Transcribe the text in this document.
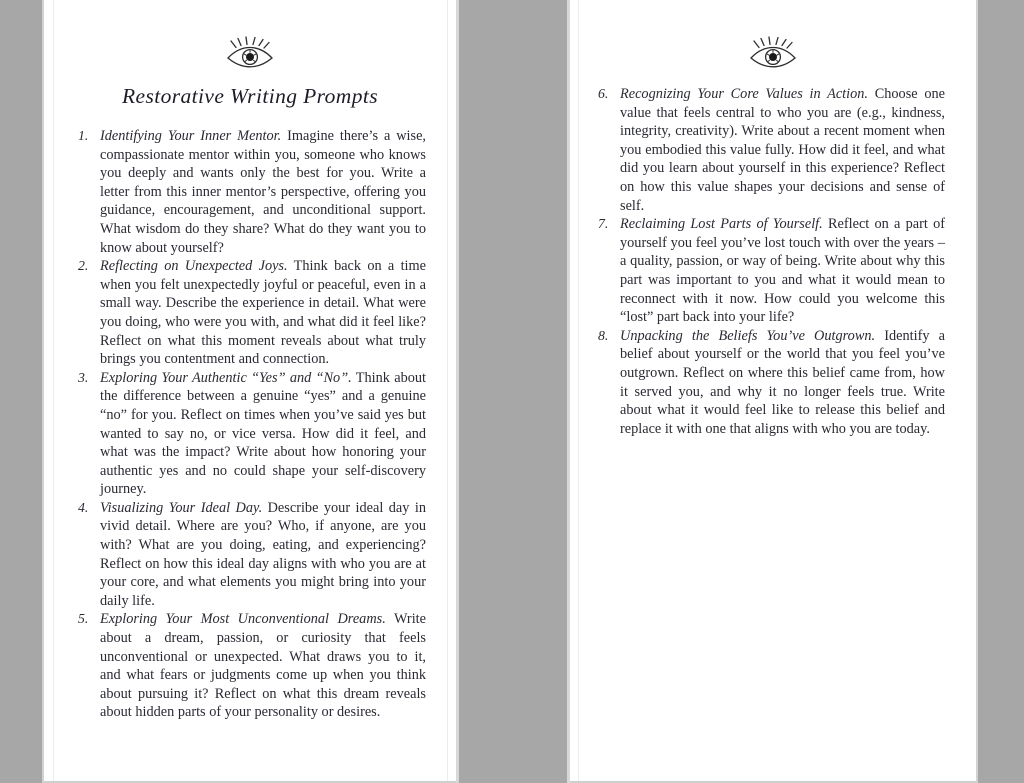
Restorative Writing Prompts
1. Identifying Your Inner Mentor. Imagine there’s a wise, compassionate mentor within you, someone who knows you deeply and wants only the best for you. Write a letter from this inner mentor’s perspective, offering you guidance, encouragement, and unconditional support. What wisdom do they share? What do they want you to know about yourself?

2. Reflecting on Unexpected Joys. Think back on a time when you felt unexpectedly joyful or peaceful, even in a small way. Describe the experience in detail. What were you doing, who were you with, and what did it feel like? Reflect on what this moment reveals about what truly brings you contentment and connection.

3. Exploring Your Authentic “Yes” and “No”. Think about the difference between a genuine “yes” and a genuine “no” for you. Reflect on times when you’ve said yes but wanted to say no, or vice versa. How did it feel, and what was the impact? Write about how honoring your authentic yes and no could shape your self-discovery journey.

4. Visualizing Your Ideal Day. Describe your ideal day in vivid detail. Where are you? Who, if anyone, are you with? What are you doing, eating, and experiencing? Reflect on how this ideal day aligns with who you are at your core, and what elements you might bring into your daily life.

5. Exploring Your Most Unconventional Dreams. Write about a dream, passion, or curiosity that feels unconventional or unexpected. What draws you to it, and what fears or judgments come up when you think about pursuing it? Reflect on what this dream reveals about hidden parts of your personality or desires.

6. Recognizing Your Core Values in Action. Choose one value that feels central to who you are (e.g., kindness, integrity, creativity). Write about a recent moment when you embodied this value fully. How did it feel, and what did you learn about yourself in this experience? Reflect on how this value shapes your decisions and sense of self.

7. Reclaiming Lost Parts of Yourself. Reflect on a part of yourself you feel you’ve lost touch with over the years – a quality, passion, or way of being. Write about why this part was important to you and what it would mean to reconnect with it now. How could you welcome this “lost” part back into your life?

8. Unpacking the Beliefs You’ve Outgrown. Identify a belief about yourself or the world that you feel you’ve outgrown. Reflect on where this belief came from, how it served you, and why it no longer feels true. Write about what it would feel like to release this belief and replace it with one that aligns with who you are today.
